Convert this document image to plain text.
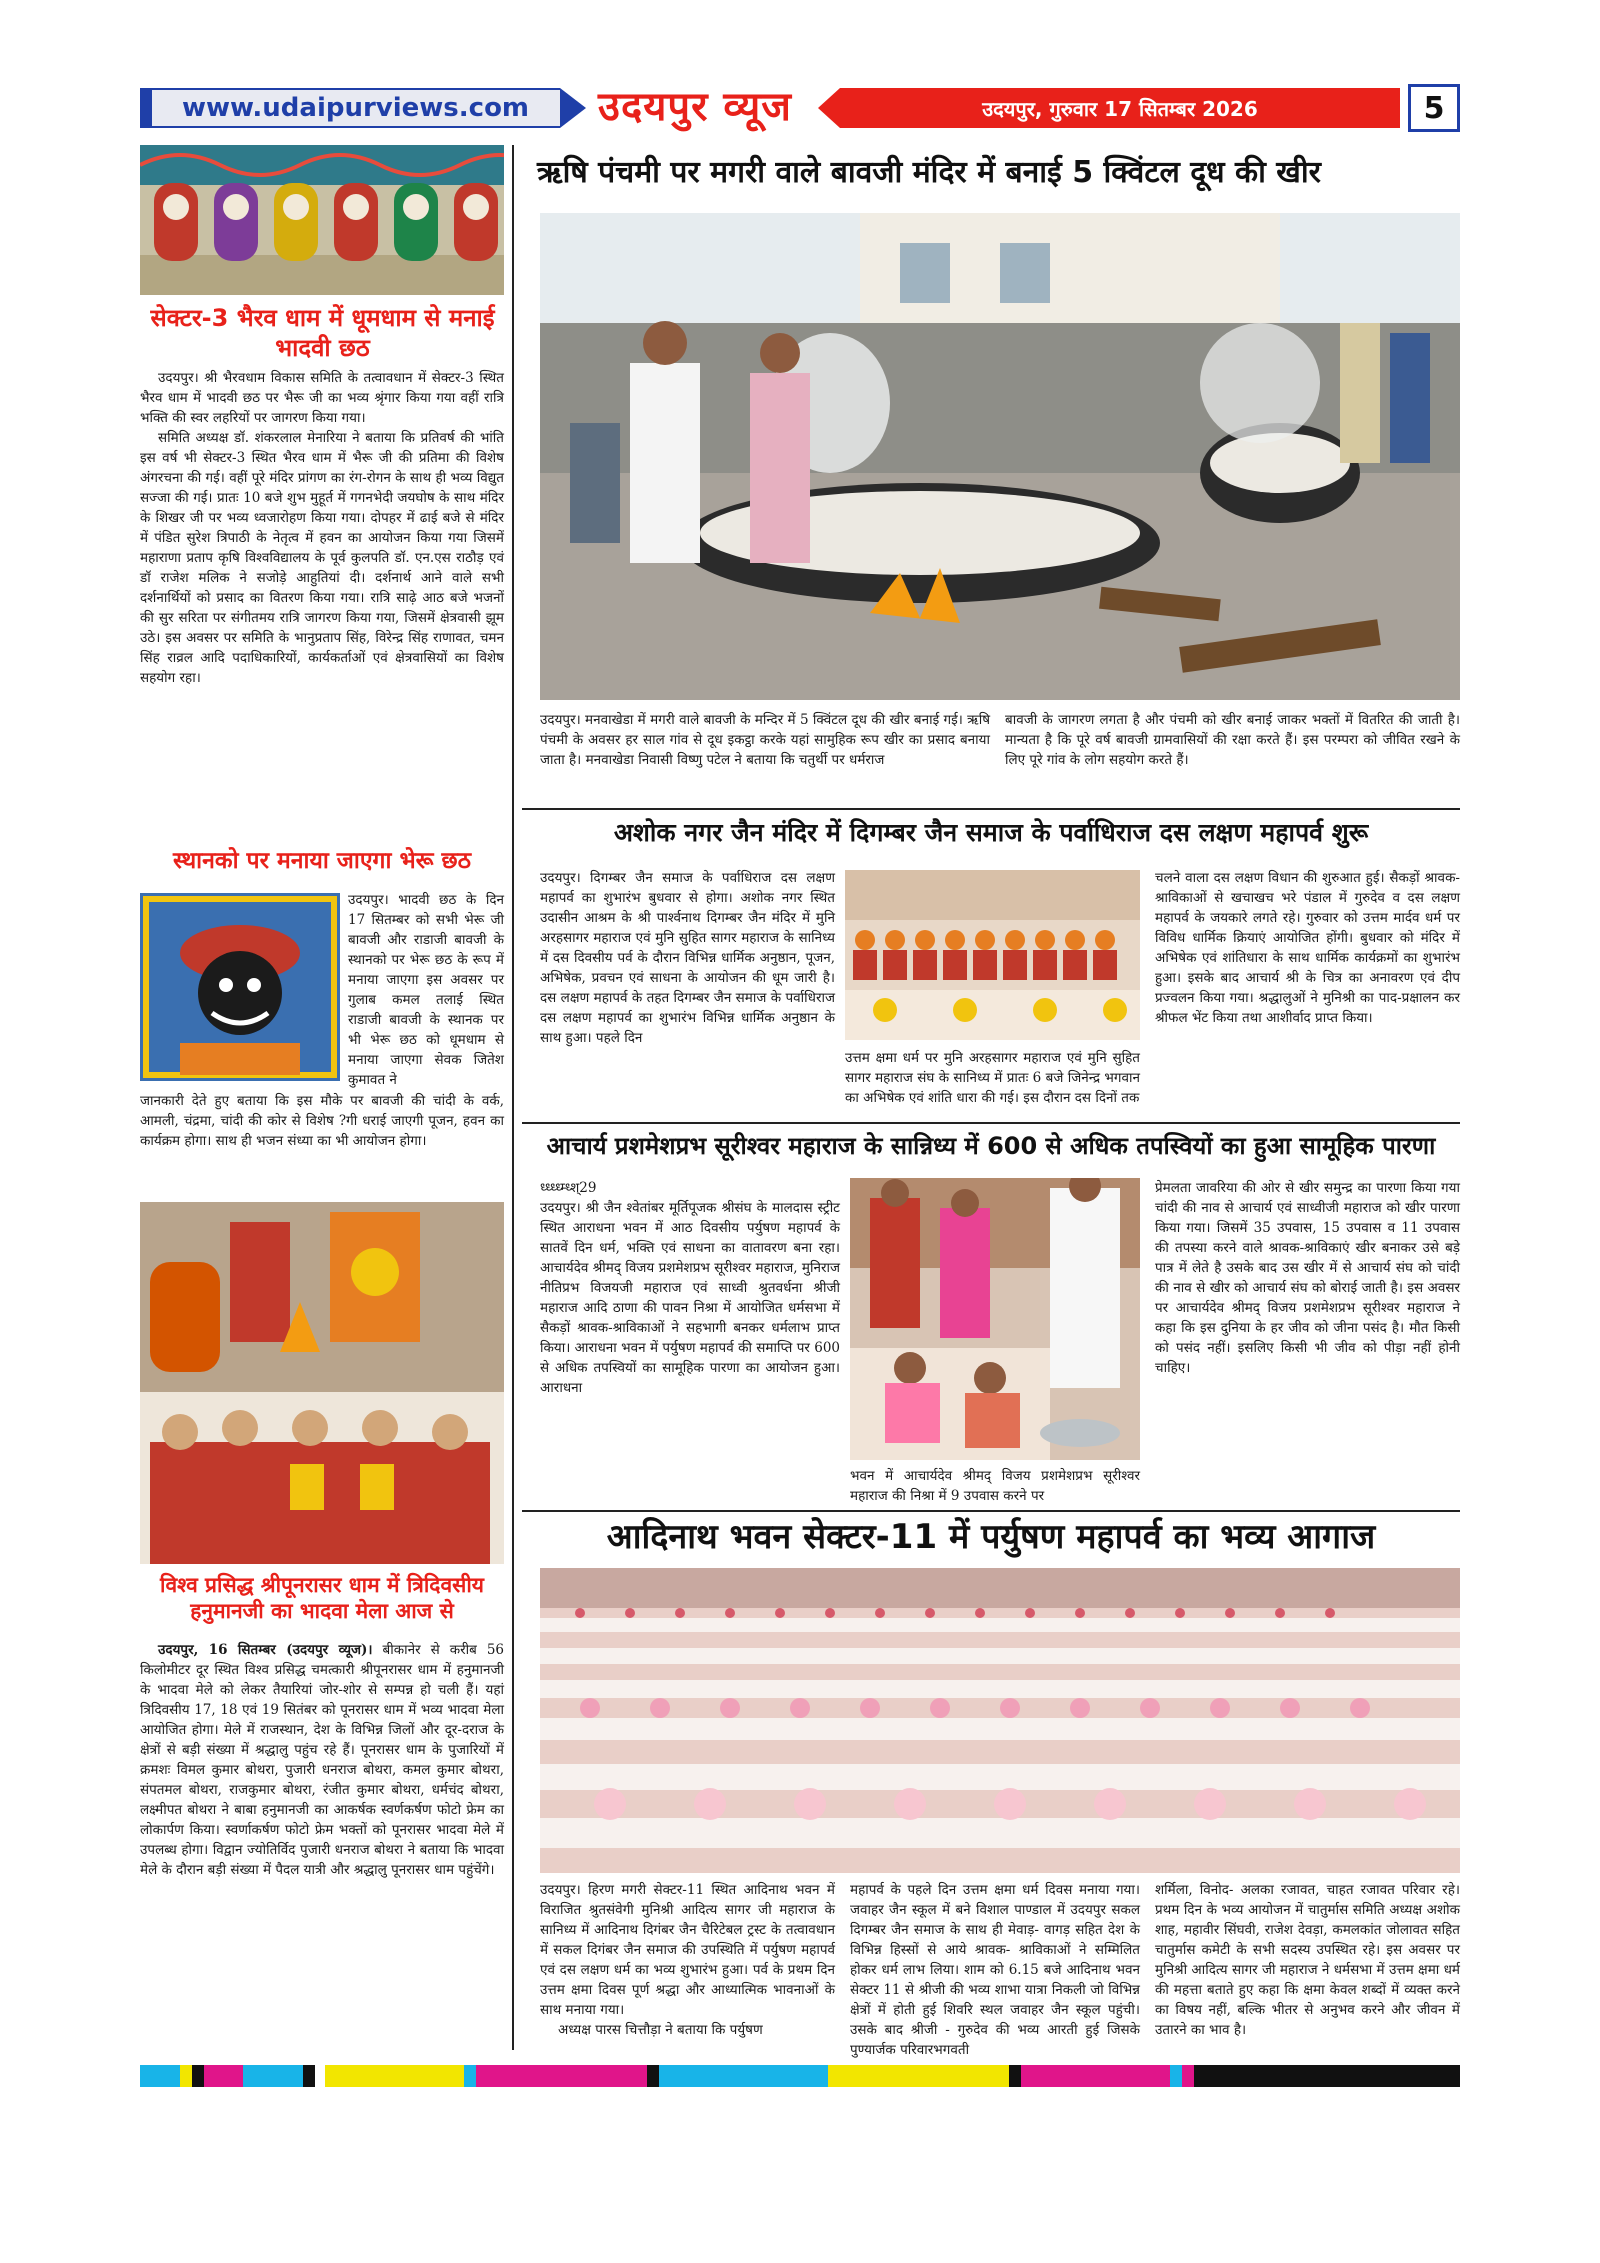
www.udaipurviews.com	उदयपुर व्यूज	उदयपुर, गुरुवार 17 सितम्बर 2026	5
सेक्टर-3 भैरव धाम में धूमधाम से मनाई भादवी छठ

उदयपुर। श्री भैरवधाम विकास समिति के तत्वावधान में सेक्टर-3 स्थित भैरव धाम में भादवी छठ पर भैरू जी का भव्य श्रृंगार किया गया वहीं रात्रि भक्ति की स्वर लहरियों पर जागरण किया गया।

समिति अध्यक्ष डॉ. शंकरलाल मेनारिया ने बताया कि प्रतिवर्ष की भांति इस वर्ष भी सेक्टर-3 स्थित भैरव धाम में भैरू जी की प्रतिमा की विशेष अंगरचना की गई। वहीं पूरे मंदिर प्रांगण का रंग-रोगन के साथ ही भव्य विद्युत सज्जा की गई। प्रातः 10 बजे शुभ मुहूर्त में गगनभेदी जयघोष के साथ मंदिर के शिखर जी पर भव्य ध्वजारोहण किया गया। दोपहर में ढाई बजे से मंदिर में पंडित सुरेश त्रिपाठी के नेतृत्व में हवन का आयोजन किया गया जिसमें महाराणा प्रताप कृषि विश्वविद्यालय के पूर्व कुलपति डॉ. एन.एस राठौड़ एवं डॉ राजेश मलिक ने सजोड़े आहुतियां दी। दर्शनार्थ आने वाले सभी दर्शनार्थियों को प्रसाद का वितरण किया गया। रात्रि साढ़े आठ बजे भजनों की सुर सरिता पर संगीतमय रात्रि जागरण किया गया, जिसमें क्षेत्रवासी झूम उठे। इस अवसर पर समिति के भानुप्रताप सिंह, विरेन्द्र सिंह राणावत, चमन सिंह राव्रल आदि पदाधिकारियों, कार्यकर्ताओं एवं क्षेत्रवासियों का विशेष सहयोग रहा।

स्थानको पर मनाया जाएगा भेरू छठ
उदयपुर। भादवी छठ के दिन 17 सितम्बर को सभी भेरू जी बावजी और राडाजी बावजी के स्थानको पर भेरू छठ के रूप में मनाया जाएगा इस अवसर पर गुलाब कमल तलाई स्थित राडाजी बावजी के स्थानक पर भी भेरू छठ को धूमधाम से मनाया जाएगा सेवक जितेश कुमावत ने
जानकारी देते हुए बताया कि इस मौके पर बावजी की चांदी के वर्क, आमली, चंद्रमा, चांदी की कोर से विशेष ?गी धराई जाएगी पूजन, हवन का कार्यक्रम होगा। साथ ही भजन संध्या का भी आयोजन होगा।
विश्व प्रसिद्ध श्रीपूनरासर धाम में त्रिदिवसीय हनुमानजी का भादवा मेला आज से

उदयपुर, 16 सितम्बर (उदयपुर व्यूज)। बीकानेर से करीब 56 किलोमीटर दूर स्थित विश्व प्रसिद्ध चमत्कारी श्रीपूनरासर धाम में हनुमानजी के भादवा मेले को लेकर तैयारियां जोर-शोर से सम्पन्न हो चली हैं। यहां त्रिदिवसीय 17, 18 एवं 19 सितंबर को पूनरासर धाम में भव्य भादवा मेला आयोजित होगा। मेले में राजस्थान, देश के विभिन्न जिलों और दूर-दराज के क्षेत्रों से बड़ी संख्या में श्रद्धालु पहुंच रहे हैं। पूनरासर धाम के पुजारियों में क्रमशः विमल कुमार बोथरा, पुजारी धनराज बोथरा, कमल कुमार बोथरा, संपतमल बोथरा, राजकुमार बोथरा, रंजीत कुमार बोथरा, धर्मचंद बोथरा, लक्ष्मीपत बोथरा ने बाबा हनुमानजी का आकर्षक स्वर्णकर्षण फोटो फ्रेम का लोकार्पण किया। स्वर्णाकर्षण फोटो फ्रेम भक्तों को पूनरासर भादवा मेले में उपलब्ध होगा। विद्वान ज्योतिर्विद पुजारी धनराज बोथरा ने बताया कि भादवा मेले के दौरान बड़ी संख्या में पैदल यात्री और श्रद्धालु पूनरासर धाम पहुंचेंगे।

ऋषि पंचमी पर मगरी वाले बावजी मंदिर में बनाई 5 क्विंटल दूध की खीर
उदयपुर। मनवाखेडा में मगरी वाले बावजी के मन्दिर में 5 क्विंटल दूध की खीर बनाई गई। ऋषि पंचमी के अवसर हर साल गांव से दूध इकट्ठा करके यहां सामुहिक रूप खीर का प्रसाद बनाया जाता है। मनवाखेडा निवासी विष्णु पटेल ने बताया कि चतुर्थी पर धर्मराज
बावजी के जागरण लगता है और पंचमी को खीर बनाई जाकर भक्तों में वितरित की जाती है। मान्यता है कि पूरे वर्ष बावजी ग्रामवासियों की रक्षा करते हैं। इस परम्परा को जीवित रखने के लिए पूरे गांव के लोग सहयोग करते हैं।
अशोक नगर जैन मंदिर में दिगम्बर जैन समाज के पर्वाधिराज दस लक्षण महापर्व शुरू
उदयपुर। दिगम्बर जैन समाज के पर्वाधिराज दस लक्षण महापर्व का शुभारंभ बुधवार से होगा। अशोक नगर स्थित उदासीन आश्रम के श्री पार्श्वनाथ दिगम्बर जैन मंदिर में मुनि अरहसागर महाराज एवं मुनि सुहित सागर महाराज के सानिध्य में दस दिवसीय पर्व के दौरान विभिन्न धार्मिक अनुष्ठान, पूजन, अभिषेक, प्रवचन एवं साधना के आयोजन की धूम जारी है। दस लक्षण महापर्व के तहत दिगम्बर जैन समाज के पर्वाधिराज दस लक्षण महापर्व का शुभारंभ विभिन्न धार्मिक अनुष्ठान के साथ हुआ। पहले दिन
उत्तम क्षमा धर्म पर मुनि अरहसागर महाराज एवं मुनि सुहित सागर महाराज संघ के सानिध्य में प्रातः 6 बजे जिनेन्द्र भगवान का अभिषेक एवं शांति धारा की गई। इस दौरान दस दिनों तक
चलने वाला दस लक्षण विधान की शुरुआत हुई। सैकड़ों श्रावक-श्राविकाओं से खचाखच भरे पंडाल में गुरुदेव व दस लक्षण महापर्व के जयकारे लगते रहे। गुरुवार को उत्तम मार्दव धर्म पर विविध धार्मिक क्रियाएं आयोजित होंगी। बुधवार को मंदिर में अभिषेक एवं शांतिधारा के साथ धार्मिक कार्यक्रमों का शुभारंभ हुआ। इसके बाद आचार्य श्री के चित्र का अनावरण एवं दीप प्रज्वलन किया गया। श्रद्धालुओं ने मुनिश्री का पाद-प्रक्षालन कर श्रीफल भेंट किया तथा आशीर्वाद प्राप्त किया।
आचार्य प्रशमेशप्रभ सूरीश्वर महाराज के सान्निध्य में 600 से अधिक तपस्वियों का हुआ सामूहिक पारणा
ध्ध्ध्ध्म्ध्श्29
उदयपुर। श्री जैन श्वेतांबर मूर्तिपूजक श्रीसंघ के मालदास स्ट्रीट स्थित आराधना भवन में आठ दिवसीय पर्युषण महापर्व के सातवें दिन धर्म, भक्ति एवं साधना का वातावरण बना रहा। आचार्यदेव श्रीमद् विजय प्रशमेशप्रभ सूरीश्वर महाराज, मुनिराज नीतिप्रभ विजयजी महाराज एवं साध्वी श्रुतवर्धना श्रीजी महाराज आदि ठाणा की पावन निश्रा में आयोजित धर्मसभा में सैकड़ों श्रावक-श्राविकाओं ने सहभागी बनकर धर्मलाभ प्राप्त किया। आराधना भवन में पर्युषण महापर्व की समाप्ति पर 600 से अधिक तपस्वियों का सामूहिक पारणा का आयोजन हुआ। आराधना
भवन में आचार्यदेव श्रीमद् विजय प्रशमेशप्रभ सूरीश्वर महाराज की निश्रा में 9 उपवास करने पर
प्रेमलता जावरिया की ओर से खीर समुन्द्र का पारणा किया गया चांदी की नाव से आचार्य एवं साध्वीजी महाराज को खीर पारणा किया गया। जिसमें 35 उपवास, 15 उपवास व 11 उपवास की तपस्या करने वाले श्रावक-श्राविकाएं खीर बनाकर उसे बड़े पात्र में लेते है उसके बाद उस खीर में से आचार्य संघ को चांदी की नाव से खीर को आचार्य संघ को बोराई जाती है। इस अवसर पर आचार्यदेव श्रीमद् विजय प्रशमेशप्रभ सूरीश्वर महाराज ने कहा कि इस दुनिया के हर जीव को जीना पसंद है। मौत किसी को पसंद नहीं। इसलिए किसी भी जीव को पीड़ा नहीं होनी चाहिए।
आदिनाथ भवन सेक्टर-11 में पर्युषण महापर्व का भव्य आगाज
उदयपुर। हिरण मगरी सेक्टर-11 स्थित आदिनाथ भवन में विराजित श्रुतसंवेगी मुनिश्री आदित्य सागर जी महाराज के सानिध्य में आदिनाथ दिगंबर जैन चैरिटेबल ट्रस्ट के तत्वावधान में सकल दिगंबर जैन समाज की उपस्थिति में पर्युषण महापर्व एवं दस लक्षण धर्म का भव्य शुभारंभ हुआ। पर्व के प्रथम दिन उत्तम क्षमा दिवस पूर्ण श्रद्धा और आध्यात्मिक भावनाओं के साथ मनाया गया।
अध्यक्ष पारस चित्तौड़ा ने बताया कि पर्युषण
महापर्व के पहले दिन उत्तम क्षमा धर्म दिवस मनाया गया। जवाहर जैन स्कूल में बने विशाल पाण्डाल में उदयपुर सकल दिगम्बर जैन समाज के साथ ही मेवाड़- वागड़ सहित देश के विभिन्न हिस्सों से आये श्रावक- श्राविकाओं ने सम्मिलित होकर धर्म लाभ लिया। शाम को 6.15 बजे आदिनाथ भवन सेक्टर 11 से श्रीजी की भव्य शाभा यात्रा निकली जो विभिन्न क्षेत्रों में होती हुई शिवरि स्थल जवाहर जैन स्कूल पहुंची। उसके बाद श्रीजी - गुरुदेव की भव्य आरती हुई जिसके पुण्यार्जक परिवारभगवती
शर्मिला, विनोद- अलका रजावत, चाहत रजावत परिवार रहे। प्रथम दिन के भव्य आयोजन में चातुर्मास समिति अध्यक्ष अशोक शाह, महावीर सिंघवी, राजेश देवड़ा, कमलकांत जोलावत सहित चातुर्मास कमेटी के सभी सदस्य उपस्थित रहे। इस अवसर पर मुनिश्री आदित्य सागर जी महाराज ने धर्मसभा में उत्तम क्षमा धर्म की महत्ता बताते हुए कहा कि क्षमा केवल शब्दों में व्यक्त करने का विषय नहीं, बल्कि भीतर से अनुभव करने और जीवन में उतारने का भाव है।
